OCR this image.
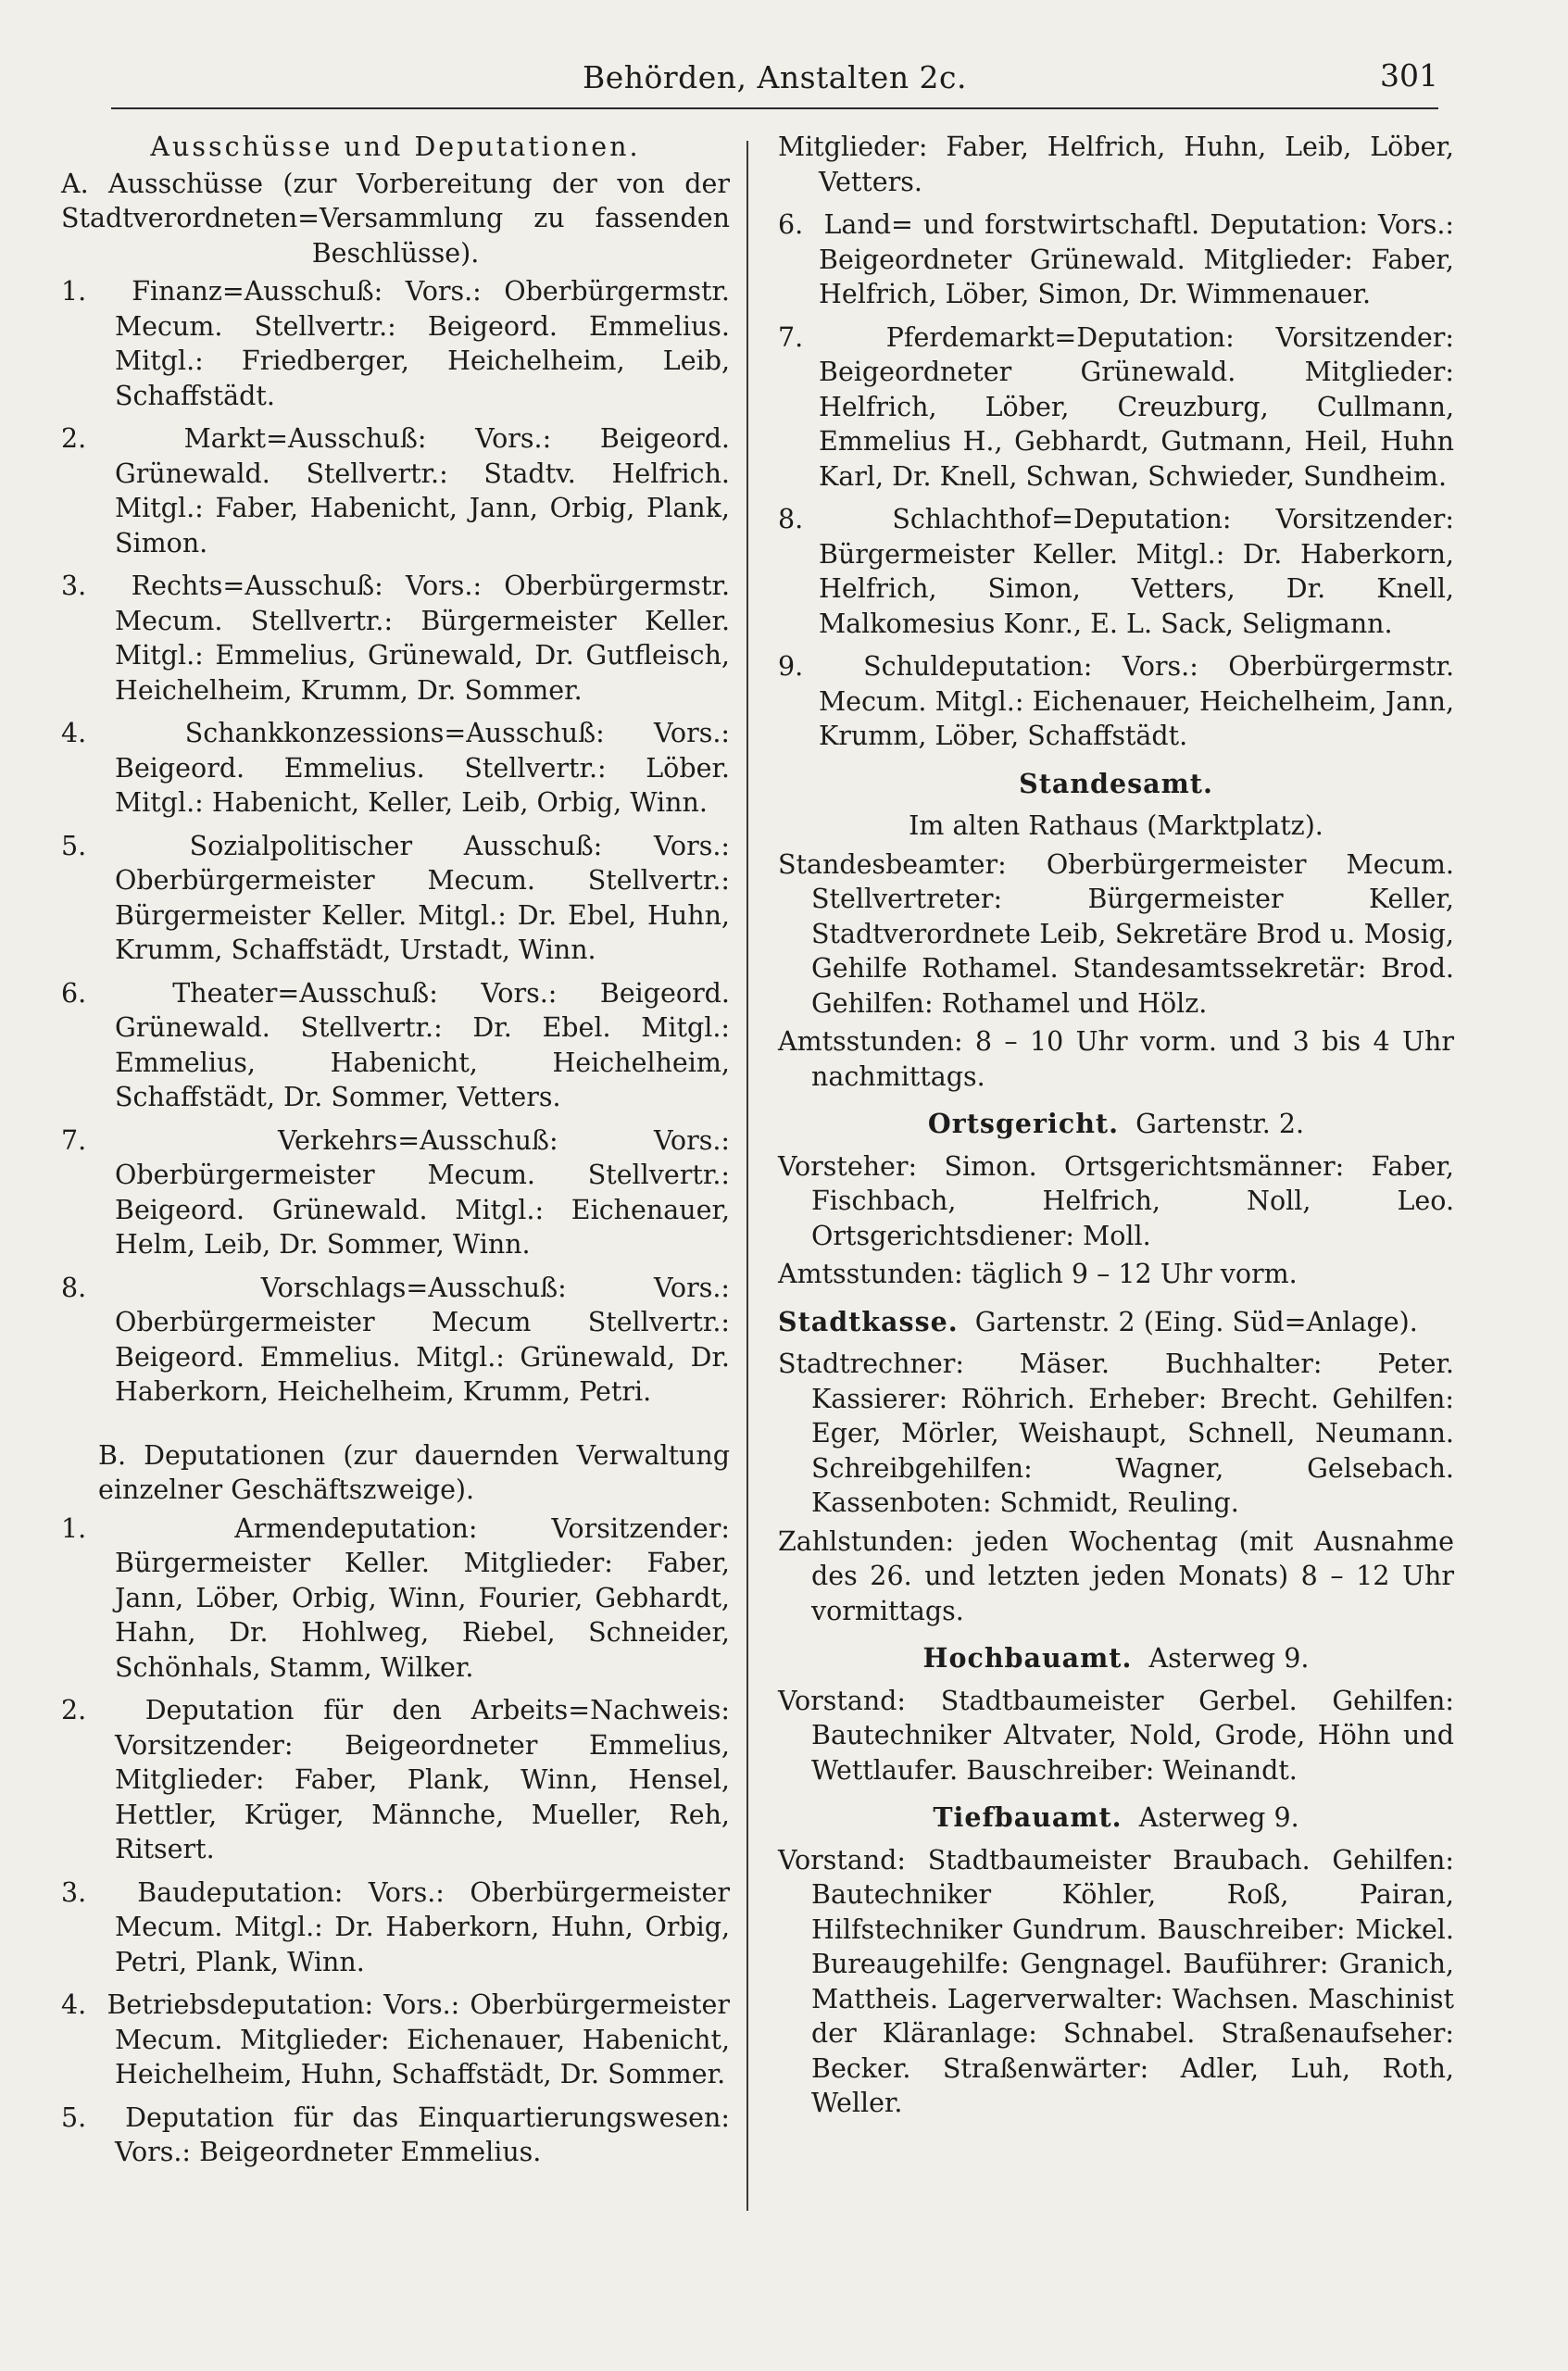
Behörden, Anstalten 2c.	301
Ausschüsse und Deputationen.
A. Ausschüsse (zur Vorbereitung der von der Stadtverordneten=Versammlung zu fassenden Beschlüsse).
1. Finanz=Ausschuß: Vors.: Oberbürgermstr. Mecum. Stellvertr.: Beigeord. Emmelius. Mitgl.: Friedberger, Heichelheim, Leib, Schaffstädt.
2.	Markt=Ausschuß: Vors.: Beigeord. Grünewald. Stellvertr.: Stadtv. Helfrich. Mitgl.: Faber, Habenicht, Jann, Orbig, Plank, Simon.
3. Rechts=Ausschuß: Vors.: Oberbürgermstr. Mecum. Stellvertr.: Bürgermeister Keller. Mitgl.: Emmelius, Grünewald, Dr. Gutfleisch, Heichelheim, Krumm, Dr. Sommer.
4.	Schankkonzessions=Ausschuß: Vors.: Beigeord. Emmelius. Stellvertr.: Löber. Mitgl.: Habenicht, Keller, Leib, Orbig, Winn.
5.	Sozialpolitischer Ausschuß: Vors.: Oberbürgermeister Mecum. Stellvertr.: Bürgermeister Keller. Mitgl.: Dr. Ebel, Huhn, Krumm, Schaffstädt, Urstadt, Winn.
6.	Theater=Ausschuß: Vors.: Beigeord. Grünewald. Stellvertr.: Dr. Ebel. Mitgl.: Emmelius, Habenicht, Heichelheim, Schaffstädt, Dr. Sommer, Vetters.
7.	Verkehrs=Ausschuß: Vors.: Oberbürgermeister Mecum. Stellvertr.: Beigeord. Grünewald. Mitgl.: Eichenauer, Helm, Leib, Dr. Sommer, Winn.
8.	Vorschlags=Ausschuß: Vors.: Oberbürgermeister Mecum Stellvertr.: Beigeord. Emmelius. Mitgl.: Grünewald, Dr. Haberkorn, Heichelheim, Krumm, Petri.
B. Deputationen (zur dauernden Verwaltung einzelner Geschäftszweige).
1.	Armendeputation: Vorsitzender: Bürgermeister Keller. Mitglieder: Faber, Jann, Löber, Orbig, Winn, Fourier, Gebhardt, Hahn, Dr. Hohlweg, Riebel, Schneider, Schönhals, Stamm, Wilker.
2. Deputation für den Arbeits=Nachweis: Vorsitzender: Beigeordneter Emmelius, Mitglieder: Faber, Plank, Winn, Hensel, Hettler, Krüger, Männche, Mueller, Reh, Ritsert.
3. Baudeputation: Vors.: Oberbürgermeister Mecum. Mitgl.: Dr. Haberkorn, Huhn, Orbig, Petri, Plank, Winn.
4. Betriebsdeputation: Vors.: Oberbürgermeister Mecum. Mitglieder: Eichenauer, Habenicht, Heichelheim, Huhn, Schaffstädt, Dr. Sommer.
5. Deputation für das Einquartierungswesen: Vors.: Beigeordneter Emmelius.
Mitglieder: Faber, Helfrich, Huhn, Leib, Löber, Vetters.
6. Land= und forstwirtschaftl. Deputation: Vors.: Beigeordneter Grünewald. Mitglieder: Faber, Helfrich, Löber, Simon, Dr. Wimmenauer.
7.	Pferdemarkt=Deputation: Vorsitzender: Beigeordneter Grünewald. Mitglieder: Helfrich, Löber, Creuzburg, Cullmann, Emmelius H., Gebhardt, Gutmann, Heil, Huhn Karl, Dr. Knell, Schwan, Schwieder, Sundheim.
8.	Schlachthof=Deputation: Vorsitzender: Bürgermeister Keller. Mitgl.: Dr. Haberkorn, Helfrich, Simon, Vetters, Dr. Knell, Malkomesius Konr., E. L. Sack, Seligmann.
9. Schuldeputation: Vors.: Oberbürgermstr. Mecum. Mitgl.: Eichenauer, Heichelheim, Jann, Krumm, Löber, Schaffstädt.
Standesamt.
Im alten Rathaus (Marktplatz).
Standesbeamter: Oberbürgermeister Mecum. Stellvertreter: Bürgermeister Keller, Stadtverordnete Leib, Sekretäre Brod u. Mosig, Gehilfe Rothamel. Standesamtssekretär: Brod. Gehilfen: Rothamel und Hölz.
Amtsstunden: 8 – 10 Uhr vorm. und 3 bis 4 Uhr nachmittags.
Ortsgericht. Gartenstr. 2.
Vorsteher: Simon. Ortsgerichtsmänner: Faber, Fischbach, Helfrich, Noll, Leo. Ortsgerichtsdiener: Moll.
Amtsstunden: täglich 9 – 12 Uhr vorm.
Stadtkasse. Gartenstr. 2 (Eing. Süd=Anlage).
Stadtrechner: Mäser. Buchhalter: Peter. Kassierer: Röhrich. Erheber: Brecht. Gehilfen: Eger, Mörler, Weishaupt, Schnell, Neumann. Schreibgehilfen: Wagner, Gelsebach. Kassenboten: Schmidt, Reuling.
Zahlstunden: jeden Wochentag (mit Ausnahme des 26. und letzten jeden Monats) 8 – 12 Uhr vormittags.
Hochbauamt. Asterweg 9.
Vorstand: Stadtbaumeister Gerbel. Gehilfen: Bautechniker Altvater, Nold, Grode, Höhn und Wettlaufer. Bauschreiber: Weinandt.
Tiefbauamt. Asterweg 9.
Vorstand: Stadtbaumeister Braubach. Gehilfen: Bautechniker Köhler, Roß, Pairan, Hilfstechniker Gundrum. Bauschreiber: Mickel. Bureaugehilfe: Gengnagel. Bauführer: Granich, Mattheis. Lagerverwalter: Wachsen. Maschinist der Kläranlage: Schnabel. Straßenaufseher: Becker. Straßenwärter: Adler, Luh, Roth, Weller.
